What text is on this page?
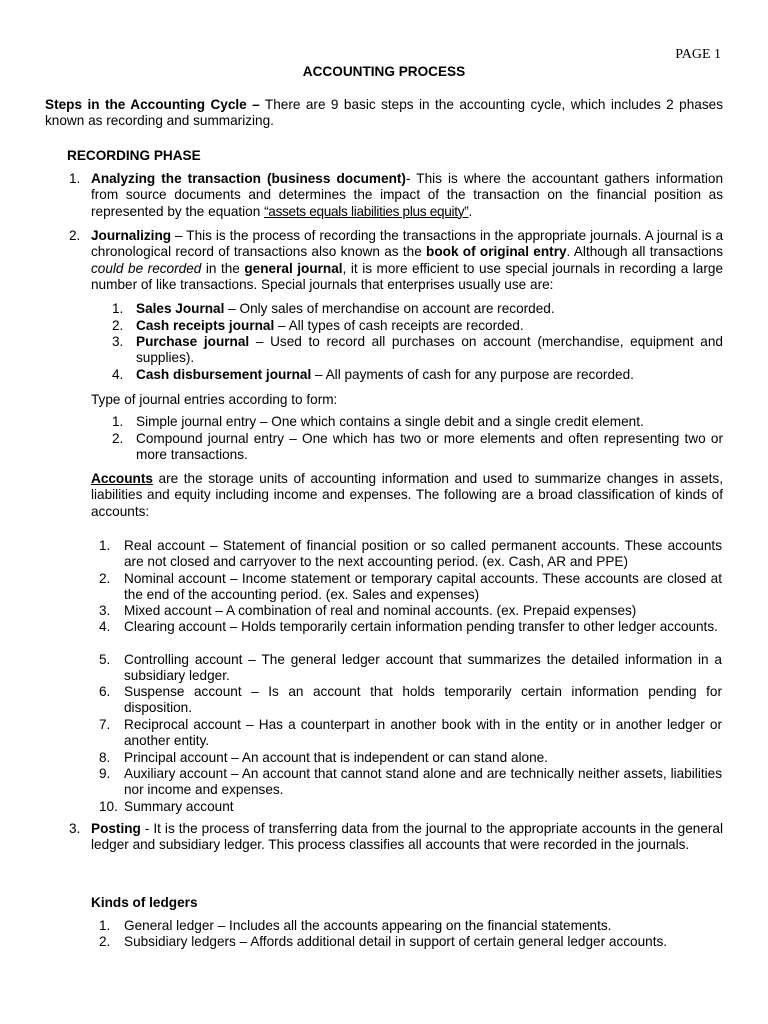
PAGE 1
ACCOUNTING PROCESS
Steps in the Accounting Cycle – There are 9 basic steps in the accounting cycle, which includes 2 phases known as recording and summarizing.
RECORDING PHASE
1. Analyzing the transaction (business document)- This is where the accountant gathers information from source documents and determines the impact of the transaction on the financial position as represented by the equation “assets equals liabilities plus equity”.
2. Journalizing – This is the process of recording the transactions in the appropriate journals. A journal is a chronological record of transactions also known as the book of original entry. Although all transactions could be recorded in the general journal, it is more efficient to use special journals in recording a large number of like transactions. Special journals that enterprises usually use are:
1. Sales Journal – Only sales of merchandise on account are recorded.
2. Cash receipts journal – All types of cash receipts are recorded.
3. Purchase journal – Used to record all purchases on account (merchandise, equipment and supplies).
4. Cash disbursement journal – All payments of cash for any purpose are recorded.
Type of journal entries according to form:
1. Simple journal entry – One which contains a single debit and a single credit element.
2. Compound journal entry – One which has two or more elements and often representing two or more transactions.
Accounts are the storage units of accounting information and used to summarize changes in assets, liabilities and equity including income and expenses. The following are a broad classification of kinds of accounts:
1. Real account – Statement of financial position or so called permanent accounts. These accounts are not closed and carryover to the next accounting period. (ex. Cash, AR and PPE)
2. Nominal account – Income statement or temporary capital accounts. These accounts are closed at the end of the accounting period. (ex. Sales and expenses)
3. Mixed account – A combination of real and nominal accounts. (ex. Prepaid expenses)
4. Clearing account – Holds temporarily certain information pending transfer to other ledger accounts.
5. Controlling account – The general ledger account that summarizes the detailed information in a subsidiary ledger.
6. Suspense account – Is an account that holds temporarily certain information pending for disposition.
7. Reciprocal account – Has a counterpart in another book with in the entity or in another ledger or another entity.
8. Principal account – An account that is independent or can stand alone.
9. Auxiliary account – An account that cannot stand alone and are technically neither assets, liabilities nor income and expenses.
10. Summary account
3. Posting - It is the process of transferring data from the journal to the appropriate accounts in the general ledger and subsidiary ledger. This process classifies all accounts that were recorded in the journals.
Kinds of ledgers
1. General ledger – Includes all the accounts appearing on the financial statements.
2. Subsidiary ledgers – Affords additional detail in support of certain general ledger accounts.
